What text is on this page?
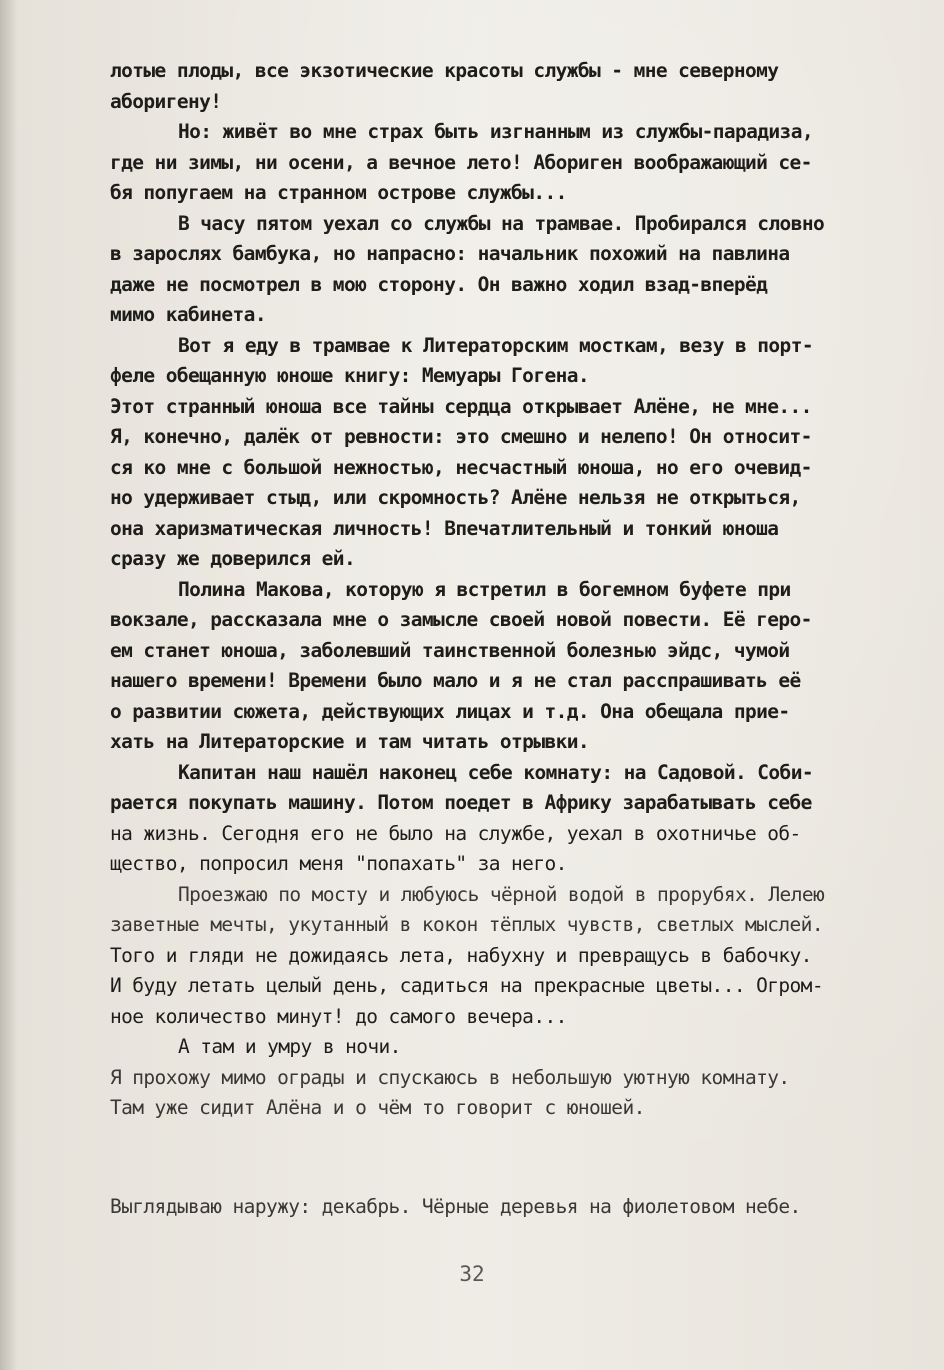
лотые плоды, все экзотические красоты службы - мне северному
аборигену!
Но: живёт во мне страх быть изгнанным из службы-парадиза,
где ни зимы, ни осени, а вечное лето! Абориген воображающий се-
бя попугаем на странном острове службы...
В часу пятом уехал со службы на трамвае. Пробирался словно
в зарослях бамбука, но напрасно: начальник похожий на павлина
даже не посмотрел в мою сторону. Он важно ходил взад-вперёд
мимо кабинета.
Вот я еду в трамвае к Литераторским мосткам, везу в порт-
феле обещанную юноше книгу: Мемуары Гогена.
Этот странный юноша все тайны сердца открывает Алёне, не мне...
Я, конечно, далёк от ревности: это смешно и нелепо! Он относит-
ся ко мне с большой нежностью, несчастный юноша, но его очевид-
но удерживает стыд, или скромность? Алёне нельзя не открыться,
она харизматическая личность! Впечатлительный и тонкий юноша
сразу же доверился ей.
Полина Макова, которую я встретил в богемном буфете при
вокзале, рассказала мне о замысле своей новой повести. Её геро-
ем станет юноша, заболевший таинственной болезнью эйдс, чумой
нашего времени! Времени было мало и я не стал расспрашивать её
о развитии сюжета, действующих лицах и т.д. Она обещала прие-
хать на Литераторские и там читать отрывки.
Капитан наш нашёл наконец себе комнату: на Садовой. Соби-
рается покупать машину. Потом поедет в Африку зарабатывать себе
на жизнь. Сегодня его не было на службе, уехал в охотничье об-
щество, попросил меня "попахать" за него.
Проезжаю по мосту и любуюсь чёрной водой в прорубях. Лелею
заветные мечты, укутанный в кокон тёплых чувств, светлых мыслей.
Того и гляди не дожидаясь лета, набухну и превращусь в бабочку.
И буду летать целый день, садиться на прекрасные цветы... Огром-
ное количество минут! до самого вечера...
А там и умру в ночи.
Я прохожу мимо ограды и спускаюсь в небольшую уютную комнату.
Там уже сидит Алёна и о чём то говорит с юношей.
Выглядываю наружу: декабрь. Чёрные деревья на фиолетовом небе.
32
